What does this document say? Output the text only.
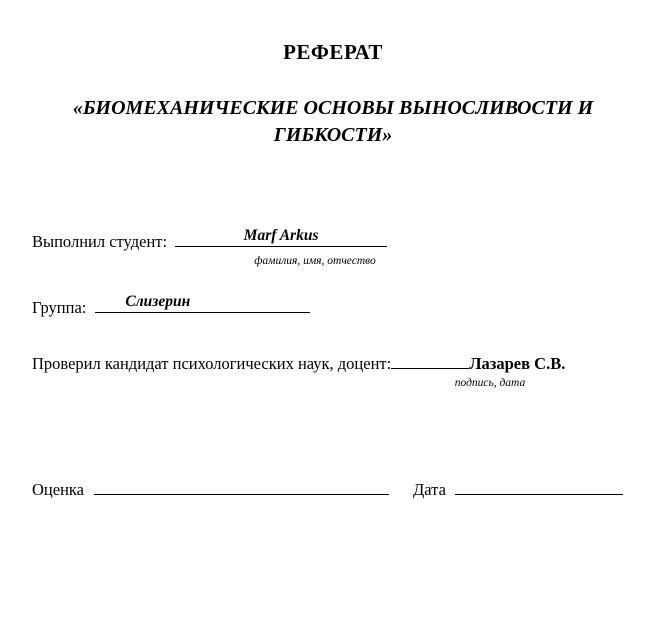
РЕФЕРАТ
«БИОМЕХАНИЧЕСКИЕ ОСНОВЫ ВЫНОСЛИВОСТИ И ГИБКОСТИ»
Выполнил студент:	Marf Arkus
фамилия, имя, отчество
Группа:	Слизерин
Проверил кандидат психологических наук, доцент:	Лазарев С.В.
подпись, дата
Оценка	Дата
